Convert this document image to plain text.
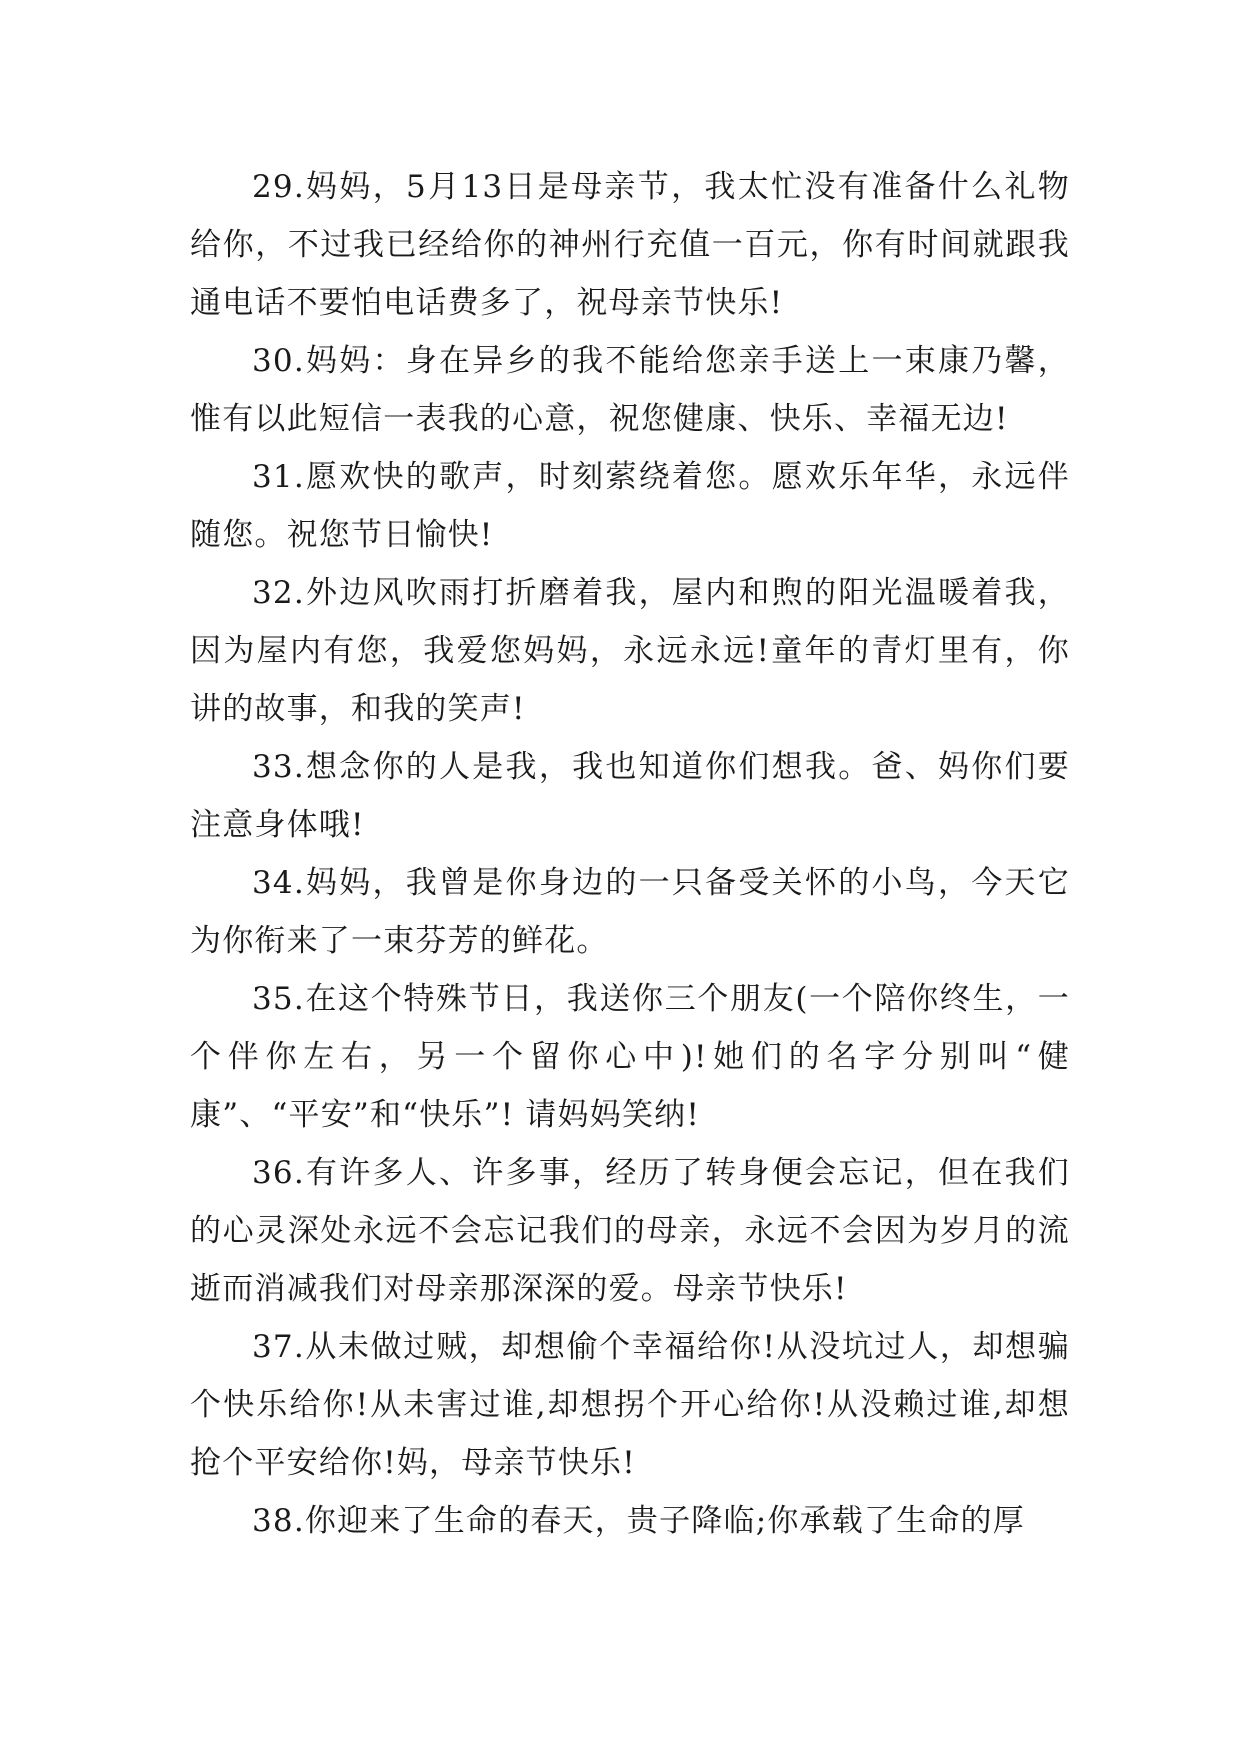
29.妈妈，5月13日是母亲节，我太忙没有准备什么礼物给你，不过我已经给你的神州行充值一百元，你有时间就跟我通电话不要怕电话费多了，祝母亲节快乐!

30.妈妈：身在异乡的我不能给您亲手送上一束康乃馨，惟有以此短信一表我的心意，祝您健康、快乐、幸福无边!

31.愿欢快的歌声，时刻萦绕着您。愿欢乐年华，永远伴随您。祝您节日愉快!

32.外边风吹雨打折磨着我，屋内和煦的阳光温暖着我，因为屋内有您，我爱您妈妈，永远永远!童年的青灯里有，你讲的故事，和我的笑声!

33.想念你的人是我，我也知道你们想我。爸、妈你们要注意身体哦!

34.妈妈，我曾是你身边的一只备受关怀的小鸟，今天它为你衔来了一束芬芳的鲜花。

35.在这个特殊节日，我送你三个朋友(一个陪你终生，一个伴你左右，另一个留你心中)!她们的名字分别叫“健康”、“平安”和“快乐”! 请妈妈笑纳!

36.有许多人、许多事，经历了转身便会忘记，但在我们的心灵深处永远不会忘记我们的母亲，永远不会因为岁月的流逝而消减我们对母亲那深深的爱。母亲节快乐!

37.从未做过贼，却想偷个幸福给你!从没坑过人，却想骗个快乐给你!从未害过谁,却想拐个开心给你!从没赖过谁,却想抢个平安给你!妈，母亲节快乐!

38.你迎来了生命的春天，贵子降临;你承载了生命的厚
